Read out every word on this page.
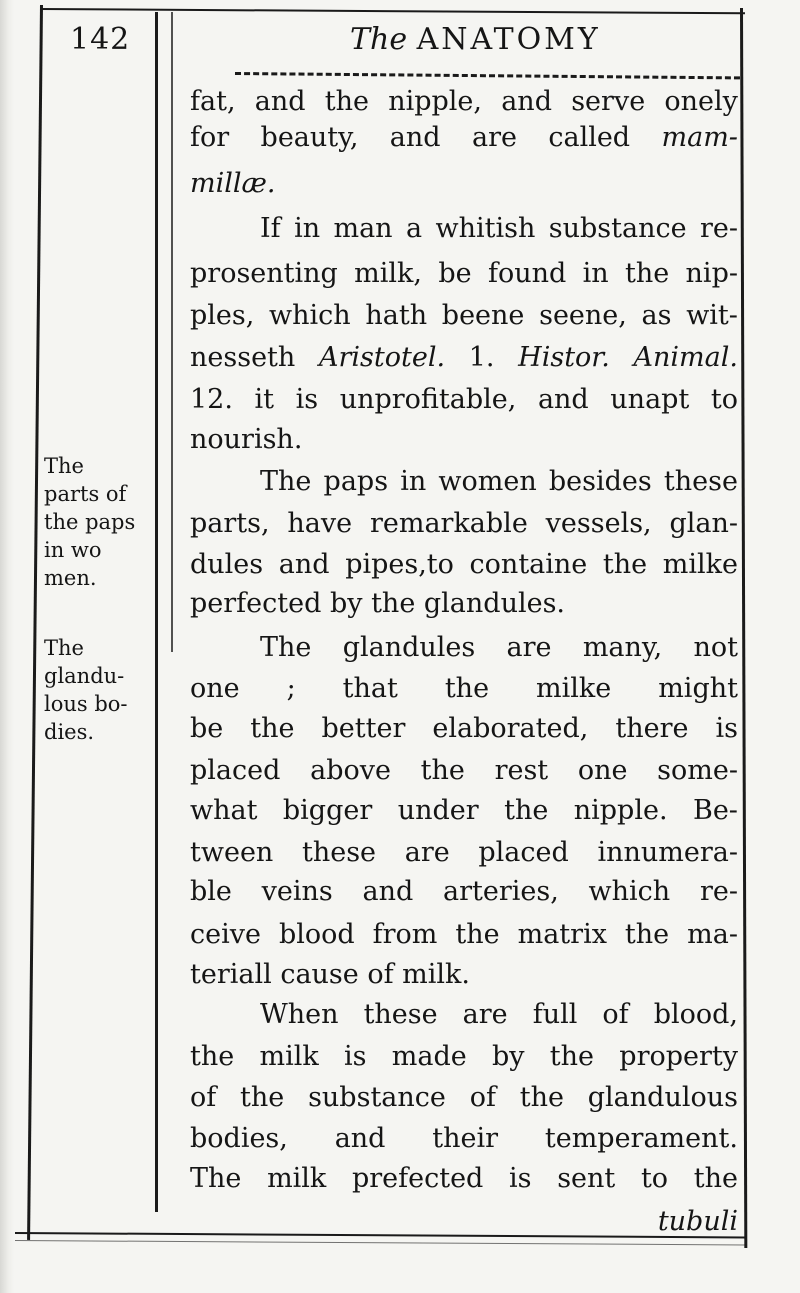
142	The ANATOMY
The
parts of
the paps
in wo
men.
The
glandu-
lous bo-
dies.
fat, and the nipple, and serve onely
for beauty, and are called mam-
millæ.
If in man a whitish substance re-
prosenting milk, be found in the nip-
ples, which hath beene seene, as wit-
nesseth Aristotel. 1. Histor. Animal.
12. it is unprofitable, and unapt to
nourish.
The paps in women besides these
parts, have remarkable vessels, glan-
dules and pipes,to containe the milke
perfected by the glandules.
The glandules are many, not
one ; that the milke might
be the better elaborated, there is
placed above the rest one some-
what bigger under the nipple. Be-
tween these are placed innumera-
ble veins and arteries, which re-
ceive blood from the matrix the ma-
teriall cause of milk.
When these are full of blood,
the milk is made by the property
of the substance of the glandulous
bodies, and their temperament.
The milk prefected is sent to the
tubuli
